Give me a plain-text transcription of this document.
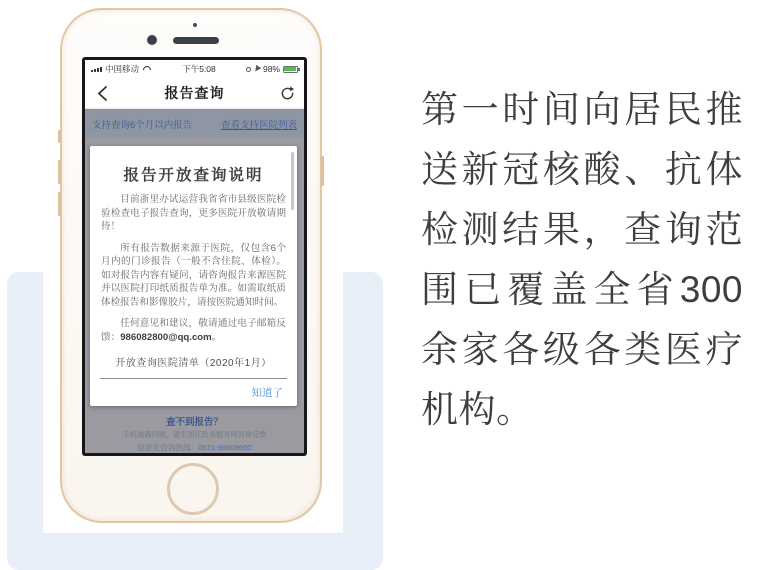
中国移动	下午5:08	98%
报告查询
支持查询6个月以内报告	查看支持医院列表
报告开放查询说明

目前浙里办试运营我省省市县级医院检验检查电子报告查询，更多医院开放敬请期待！

所有报告数据来源于医院，仅包含6个月内的门诊报告（一般不含住院、体检）。如对报告内容有疑问，请咨询报告来源医院并以医院打印纸质报告单为准。如需取纸质体检报告和影像胶片，请按医院通知时间。

任何意见和建议，敬请通过电子邮箱反馈：986082800@qq.com。

开放查询医院清单（2020年1月）
知道了
查不到报告？
手机端遇问题，请至浙江政务服务网咨询反馈
信息化咨询热线：0571-88808660
第一时间向居民推送新冠核酸、抗体检测结果，查询范围已覆盖全省300余家各级各类医疗机构。
